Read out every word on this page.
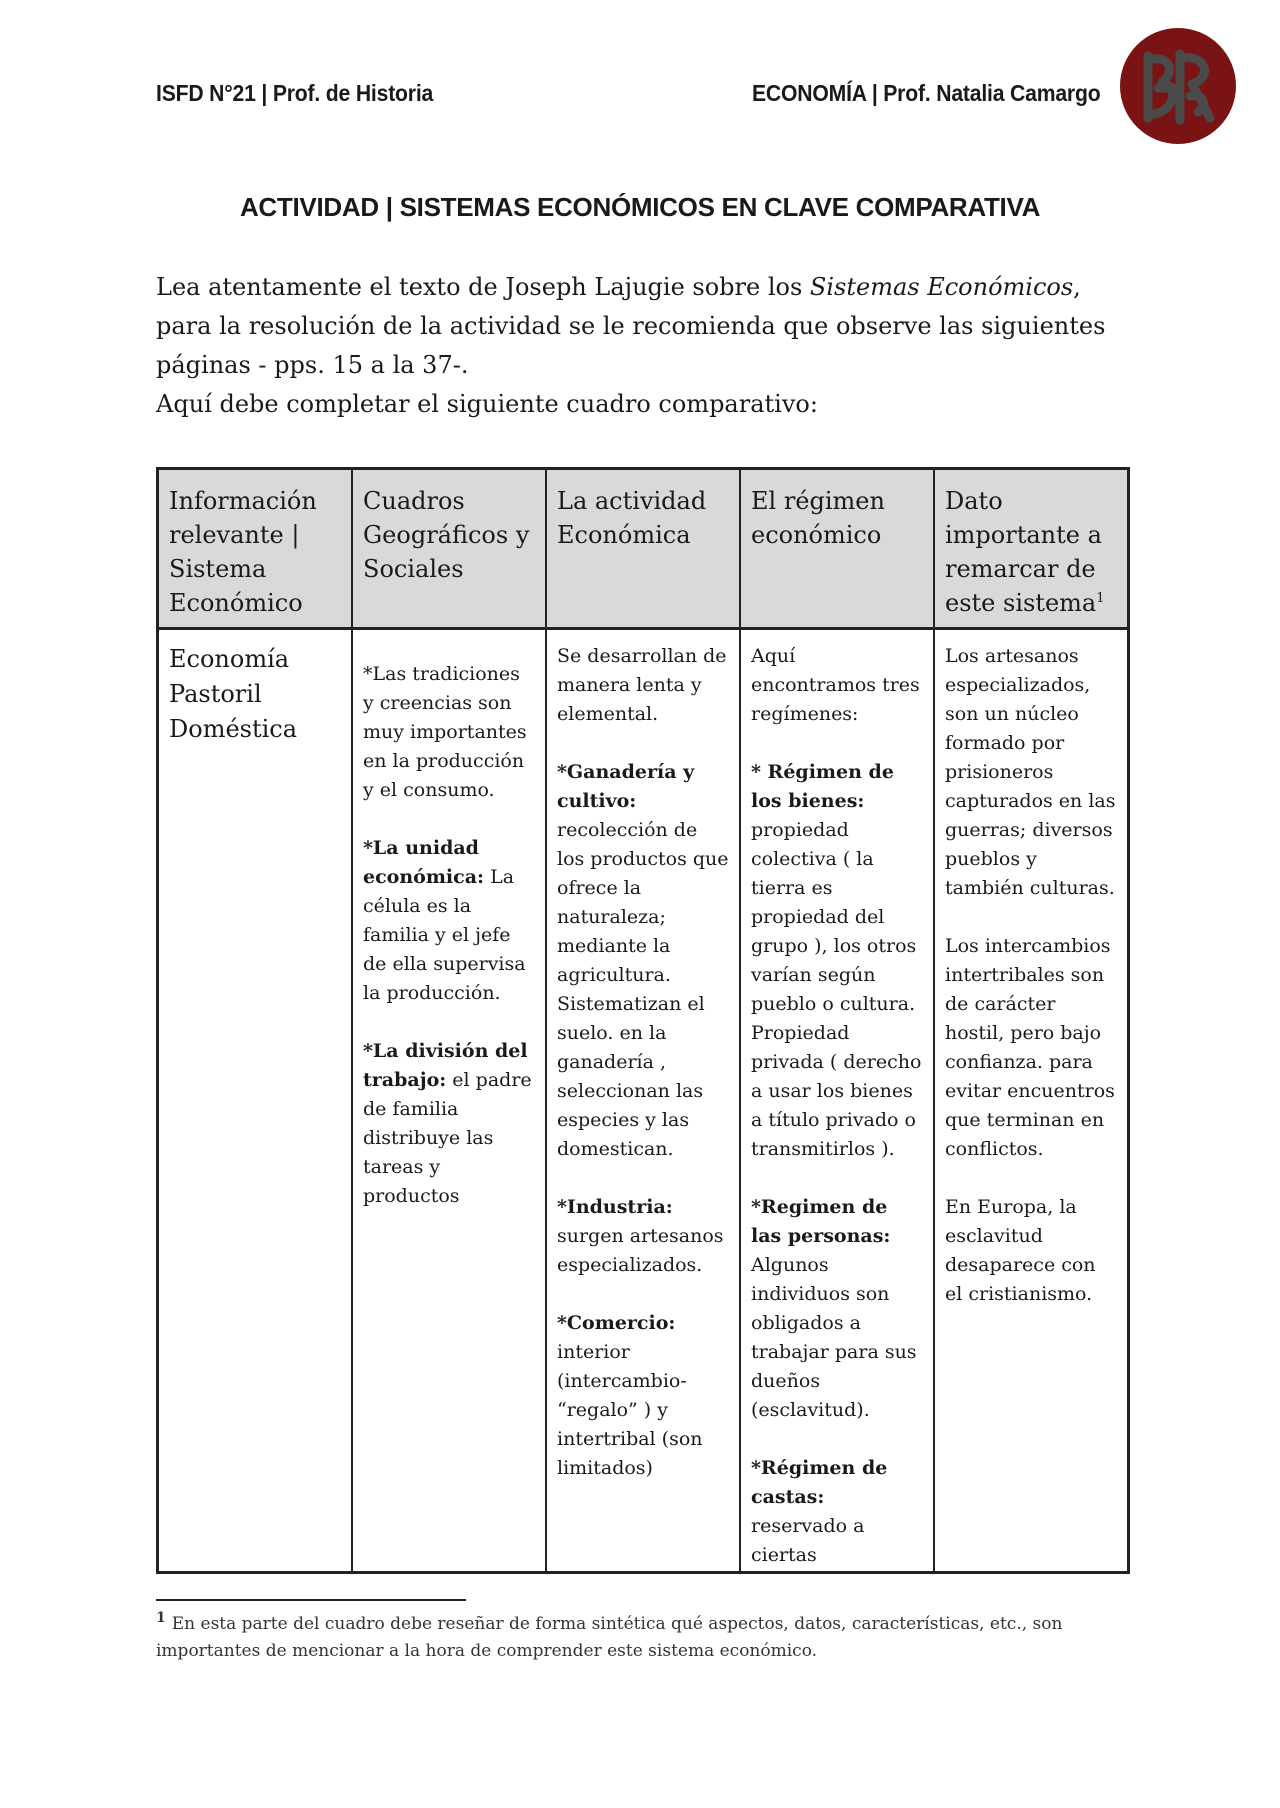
ISFD N°21 | Prof. de Historia	ECONOMÍA | Prof. Natalia Camargo
ACTIVIDAD | SISTEMAS ECONÓMICOS EN CLAVE COMPARATIVA

Lea atentamente el texto de Joseph Lajugie sobre los Sistemas Económicos, para la resolución de la actividad se le recomienda que observe las siguientes páginas - pps. 15 a la 37-.

Aquí debe completar el siguiente cuadro comparativo:

Información relevante | Sistema Económico
Cuadros Geográficos y Sociales
La actividad Económica
El régimen económico
Dato importante a remarcar de este sistema$^1$
Economía Pastoril Doméstica

*Las tradiciones y creencias son muy importantes en la producción y el consumo.

*La unidad económica: La célula es la familia y el jefe de ella supervisa la producción.

*La división del trabajo: el padre de familia distribuye las tareas y productos

Se desarrollan de manera lenta y elemental.

*Ganadería y cultivo: recolección de los productos que ofrece la naturaleza; mediante la agricultura. Sistematizan el suelo. en la ganadería , seleccionan las especies y las domestican.

*Industria: surgen artesanos especializados.

*Comercio: interior (intercambio- “regalo” ) y intertribal (son limitados)

Aquí encontramos tres regímenes:

* Régimen de los bienes: propiedad colectiva ( la tierra es propiedad del grupo ), los otros varían según pueblo o cultura. Propiedad privada ( derecho a usar los bienes a título privado o transmitirlos ).

*Regimen de las personas: Algunos individuos son obligados a trabajar para sus dueños (esclavitud).

*Régimen de castas: reservado a ciertas

Los artesanos especializados, son un núcleo formado por prisioneros capturados en las guerras; diversos pueblos y también culturas.

Los intercambios intertribales son de carácter hostil, pero bajo confianza. para evitar encuentros que terminan en conflictos.

En Europa, la esclavitud desaparece con el cristianismo.

$^1$ En esta parte del cuadro debe reseñar de forma sintética qué aspectos, datos, características, etc., son importantes de mencionar a la hora de comprender este sistema económico.
